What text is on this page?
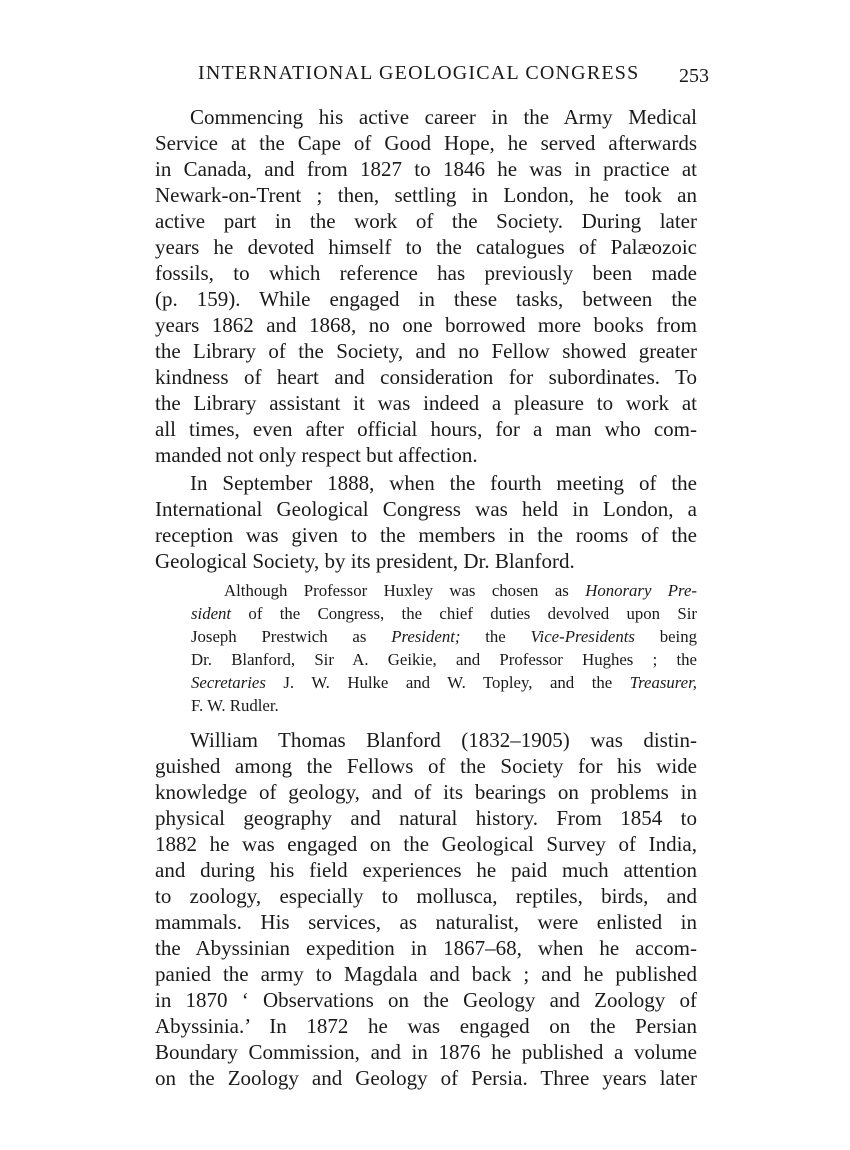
INTERNATIONAL GEOLOGICAL CONGRESS 253
Commencing his active career in the Army Medical
Service at the Cape of Good Hope, he served afterwards
in Canada, and from 1827 to 1846 he was in practice at
Newark-on-Trent ; then, settling in London, he took an
active part in the work of the Society. During later
years he devoted himself to the catalogues of Palæozoic
fossils, to which reference has previously been made
(p. 159). While engaged in these tasks, between the
years 1862 and 1868, no one borrowed more books from
the Library of the Society, and no Fellow showed greater
kindness of heart and consideration for subordinates. To
the Library assistant it was indeed a pleasure to work at
all times, even after official hours, for a man who com-
manded not only respect but affection.
In September 1888, when the fourth meeting of the
International Geological Congress was held in London, a
reception was given to the members in the rooms of the
Geological Society, by its president, Dr. Blanford.
Although Professor Huxley was chosen as Honorary Pre-
sident of the Congress, the chief duties devolved upon Sir
Joseph Prestwich as President; the Vice-Presidents being
Dr. Blanford, Sir A. Geikie, and Professor Hughes ; the
Secretaries J. W. Hulke and W. Topley, and the Treasurer,
F. W. Rudler.
William Thomas Blanford (1832–1905) was distin-
guished among the Fellows of the Society for his wide
knowledge of geology, and of its bearings on problems in
physical geography and natural history. From 1854 to
1882 he was engaged on the Geological Survey of India,
and during his field experiences he paid much attention
to zoology, especially to mollusca, reptiles, birds, and
mammals. His services, as naturalist, were enlisted in
the Abyssinian expedition in 1867–68, when he accom-
panied the army to Magdala and back ; and he published
in 1870 ‘ Observations on the Geology and Zoology of
Abyssinia.’ In 1872 he was engaged on the Persian
Boundary Commission, and in 1876 he published a volume
on the Zoology and Geology of Persia. Three years later
